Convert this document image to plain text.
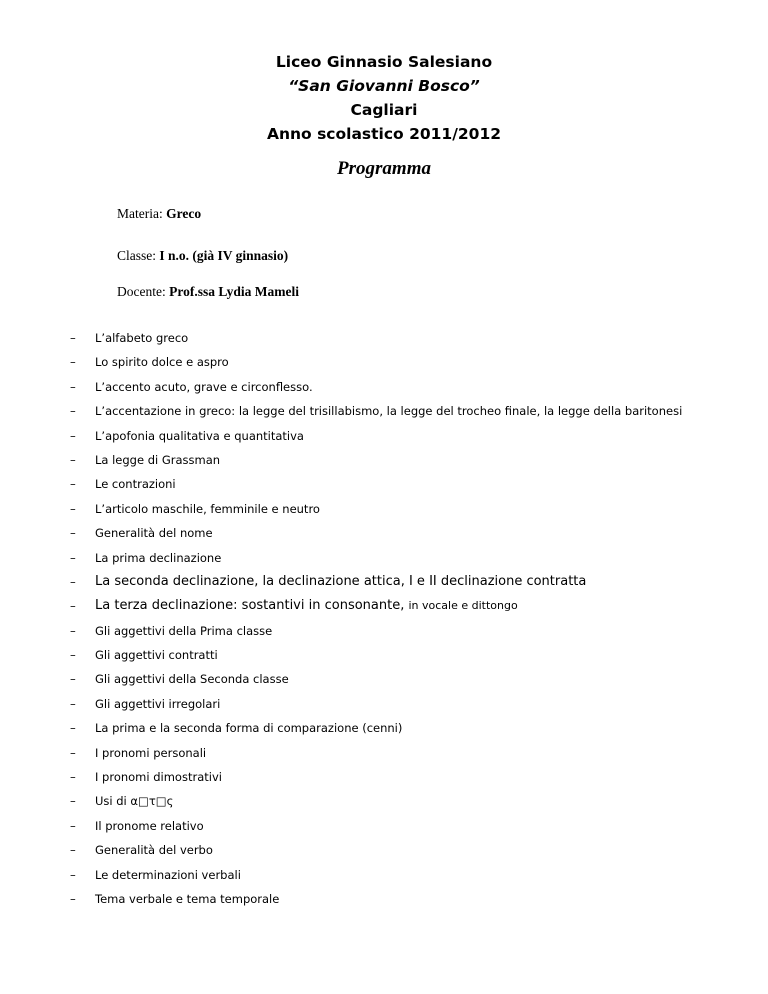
Liceo Ginnasio Salesiano
“San Giovanni Bosco”
Cagliari
Anno scolastico 2011/2012
Programma
Materia: Greco
Classe: I n.o. (già IV ginnasio)
Docente: Prof.ssa Lydia Mameli
– L’alfabeto greco
– Lo spirito dolce e aspro
– L’accento acuto, grave e circonflesso.
– L’accentazione in greco: la legge del trisillabismo, la legge del trocheo finale, la legge della baritonesi
– L’apofonia qualitativa e quantitativa
– La legge di Grassman
– Le contrazioni
– L’articolo maschile, femminile e neutro
– Generalità del nome
– La prima declinazione
– La seconda declinazione, la declinazione attica, I e II declinazione contratta
– La terza declinazione: sostantivi in consonante, in vocale e dittongo
– Gli aggettivi della Prima classe
– Gli aggettivi contratti
– Gli aggettivi della Seconda classe
– Gli aggettivi irregolari
– La prima e la seconda forma di comparazione (cenni)
– I pronomi personali
– I pronomi dimostrativi
– Usi di α□τ□ς
– Il pronome relativo
– Generalità del verbo
– Le determinazioni verbali
– Tema verbale e tema temporale
